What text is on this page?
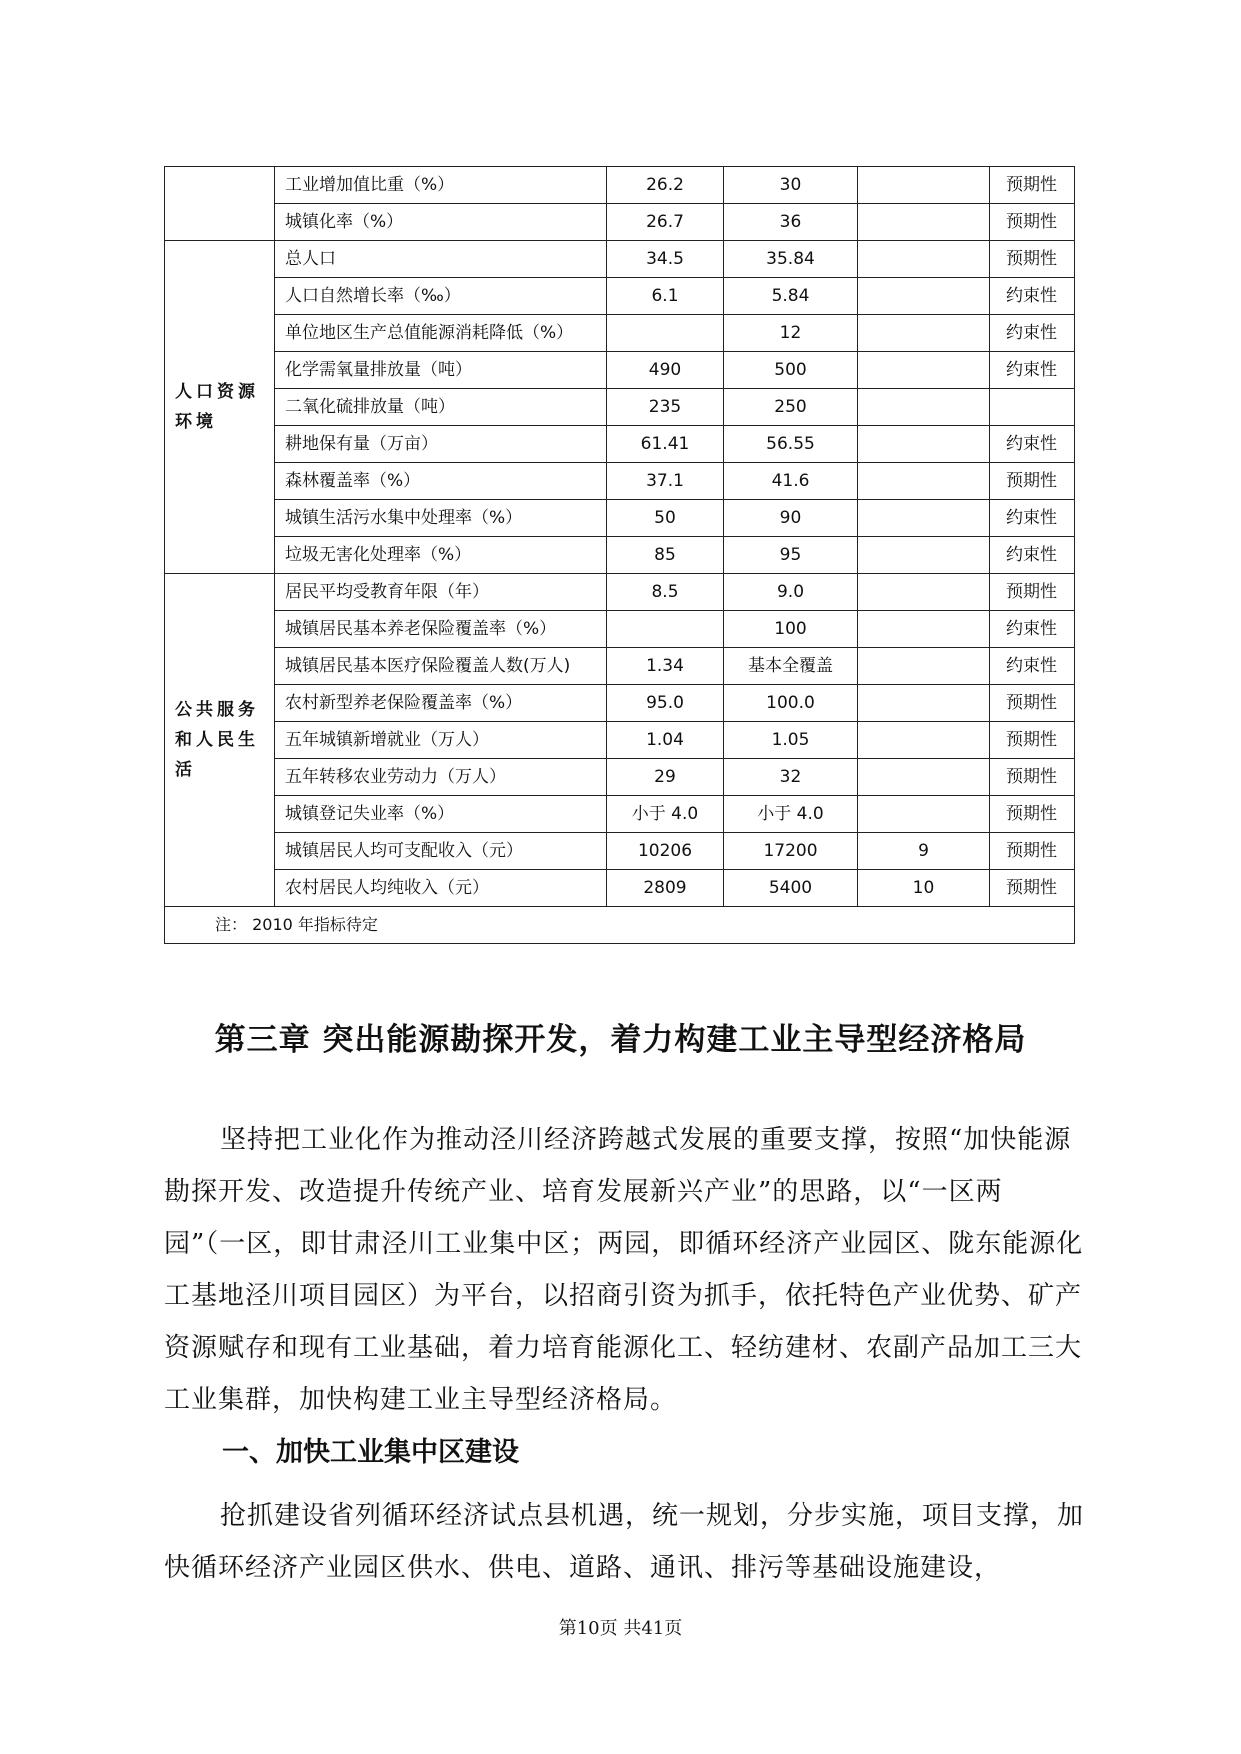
	工业增加值比重（%）	26.2	30		预期性
	城镇化率（%）	26.7	36		预期性
人口资源环境	总人口	34.5	35.84		预期性
	人口自然增长率（‰）	6.1	5.84		约束性
	单位地区生产总值能源消耗降低（%）		12		约束性
	化学需氧量排放量（吨）	490	500		约束性
	二氧化硫排放量（吨）	235	250		
	耕地保有量（万亩）	61.41	56.55		约束性
	森林覆盖率（%）	37.1	41.6		预期性
	城镇生活污水集中处理率（%）	50	90		约束性
	垃圾无害化处理率（%）	85	95		约束性
公共服务和人民生活	居民平均受教育年限（年）	8.5	9.0		预期性
	城镇居民基本养老保险覆盖率（%）		100		约束性
	城镇居民基本医疗保险覆盖人数(万人)	1.34	基本全覆盖		约束性
	农村新型养老保险覆盖率（%）	95.0	100.0		预期性
	五年城镇新增就业（万人）	1.04	1.05		预期性
	五年转移农业劳动力（万人）	29	32		预期性
	城镇登记失业率（%）	小于 4.0	小于 4.0		预期性
	城镇居民人均可支配收入（元）	10206	17200	9	预期性
	农村居民人均纯收入（元）	2809	5400	10	预期性
注： 2010 年指标待定					
第三章 突出能源勘探开发，着力构建工业主导型经济格局

坚持把工业化作为推动泾川经济跨越式发展的重要支撑，按照“加快能源勘探开发、改造提升传统产业、培育发展新兴产业”的思路，以“一区两园”（一区，即甘肃泾川工业集中区；两园，即循环经济产业园区、陇东能源化工基地泾川项目园区）为平台，以招商引资为抓手，依托特色产业优势、矿产资源赋存和现有工业基础，着力培育能源化工、轻纺建材、农副产品加工三大工业集群，加快构建工业主导型经济格局。

一、加快工业集中区建设

抢抓建设省列循环经济试点县机遇，统一规划，分步实施，项目支撑，加快循环经济产业园区供水、供电、道路、通讯、排污等基础设施建设，

第10页 共41页
